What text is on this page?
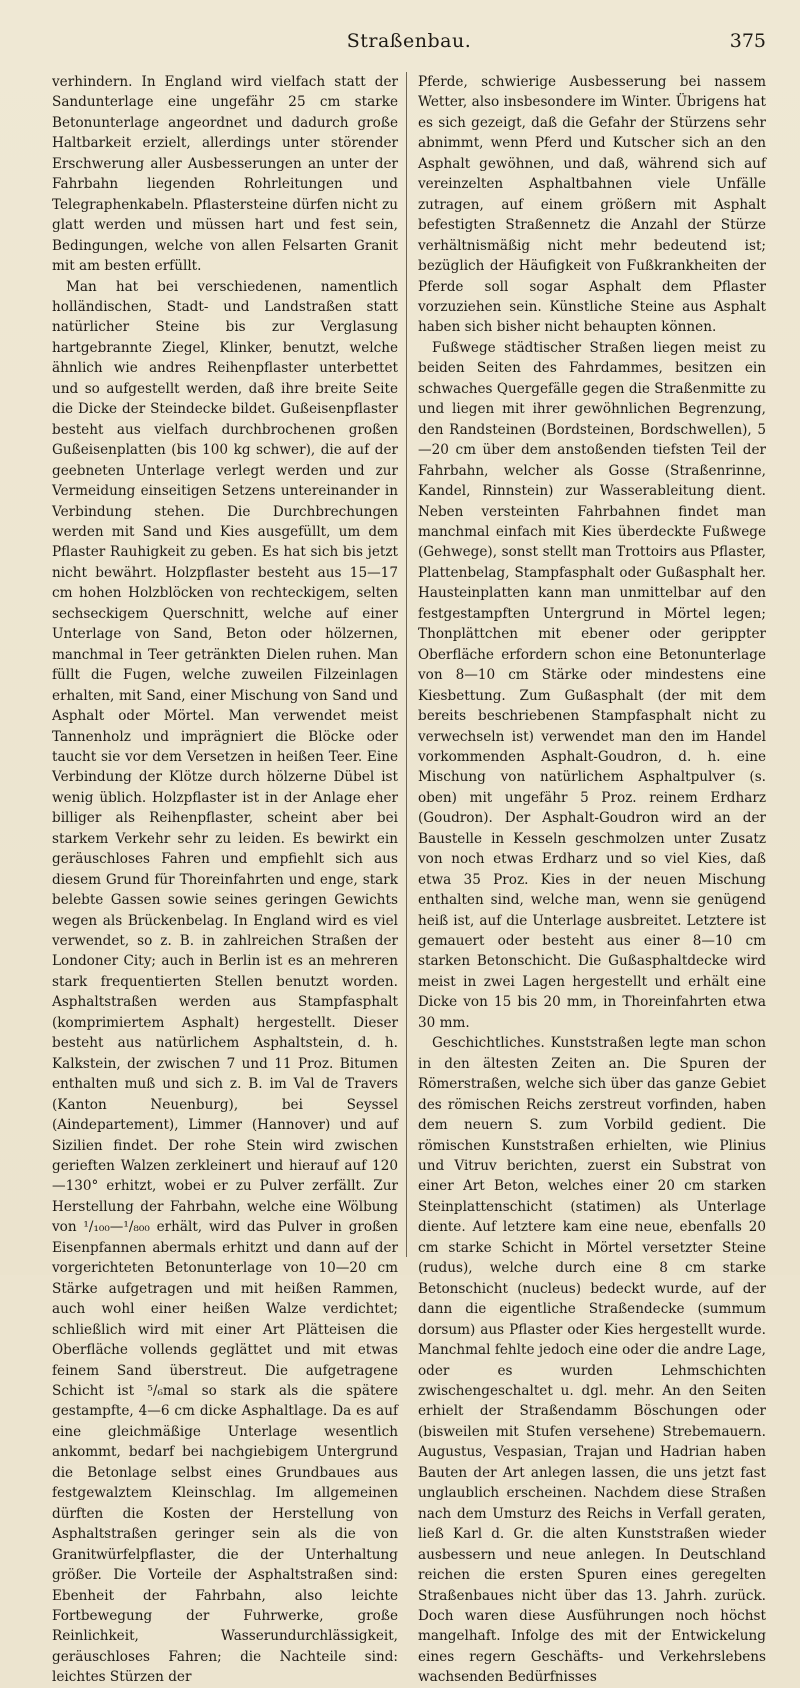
Straßenbau.	375

verhindern. In England wird vielfach statt der Sandunterlage eine ungefähr 25 cm starke Betonunterlage angeordnet und dadurch große Haltbarkeit erzielt, allerdings unter störender Erschwerung aller Ausbesserungen an unter der Fahrbahn liegenden Rohrleitungen und Telegraphenkabeln. Pflastersteine dürfen nicht zu glatt werden und müssen hart und fest sein, Bedingungen, welche von allen Felsarten Granit mit am besten erfüllt.

Man hat bei verschiedenen, namentlich holländischen, Stadt- und Landstraßen statt natürlicher Steine bis zur Verglasung hartgebrannte Ziegel, Klinker, benutzt, welche ähnlich wie andres Reihenpflaster unterbettet und so aufgestellt werden, daß ihre breite Seite die Dicke der Steindecke bildet. Gußeisenpflaster besteht aus vielfach durchbrochenen großen Gußeisenplatten (bis 100 kg schwer), die auf der geebneten Unterlage verlegt werden und zur Vermeidung einseitigen Setzens untereinander in Verbindung stehen. Die Durchbrechungen werden mit Sand und Kies ausgefüllt, um dem Pflaster Rauhigkeit zu geben. Es hat sich bis jetzt nicht bewährt. Holzpflaster besteht aus 15—17 cm hohen Holzblöcken von rechteckigem, selten sechseckigem Querschnitt, welche auf einer Unterlage von Sand, Beton oder hölzernen, manchmal in Teer getränkten Dielen ruhen. Man füllt die Fugen, welche zuweilen Filzeinlagen erhalten, mit Sand, einer Mischung von Sand und Asphalt oder Mörtel. Man verwendet meist Tannenholz und imprägniert die Blöcke oder taucht sie vor dem Versetzen in heißen Teer. Eine Verbindung der Klötze durch hölzerne Dübel ist wenig üblich. Holzpflaster ist in der Anlage eher billiger als Reihenpflaster, scheint aber bei starkem Verkehr sehr zu leiden. Es bewirkt ein geräuschloses Fahren und empfiehlt sich aus diesem Grund für Thoreinfahrten und enge, stark belebte Gassen sowie seines geringen Gewichts wegen als Brückenbelag. In England wird es viel verwendet, so z. B. in zahlreichen Straßen der Londoner City; auch in Berlin ist es an mehreren stark frequentierten Stellen benutzt worden. Asphaltstraßen werden aus Stampfasphalt (komprimiertem Asphalt) hergestellt. Dieser besteht aus natürlichem Asphaltstein, d. h. Kalkstein, der zwischen 7 und 11 Proz. Bitumen enthalten muß und sich z. B. im Val de Travers (Kanton Neuenburg), bei Seyssel (Aindepartement), Limmer (Hannover) und auf Sizilien findet. Der rohe Stein wird zwischen gerieften Walzen zerkleinert und hierauf auf 120—130° erhitzt, wobei er zu Pulver zerfällt. Zur Herstellung der Fahrbahn, welche eine Wölbung von ¹/₁₀₀—¹/₈₀₀ erhält, wird das Pulver in großen Eisenpfannen abermals erhitzt und dann auf der vorgerichteten Betonunterlage von 10—20 cm Stärke aufgetragen und mit heißen Rammen, auch wohl einer heißen Walze verdichtet; schließlich wird mit einer Art Plätteisen die Oberfläche vollends geglättet und mit etwas feinem Sand überstreut. Die aufgetragene Schicht ist ⁵/₆mal so stark als die spätere gestampfte, 4—6 cm dicke Asphaltlage. Da es auf eine gleichmäßige Unterlage wesentlich ankommt, bedarf bei nachgiebigem Untergrund die Betonlage selbst eines Grundbaues aus festgewalztem Kleinschlag. Im allgemeinen dürften die Kosten der Herstellung von Asphaltstraßen geringer sein als die von Granitwürfelpflaster, die der Unterhaltung größer. Die Vorteile der Asphaltstraßen sind: Ebenheit der Fahrbahn, also leichte Fortbewegung der Fuhrwerke, große Reinlichkeit, Wasserundurchlässigkeit, geräuschloses Fahren; die Nachteile sind: leichtes Stürzen der

Pferde, schwierige Ausbesserung bei nassem Wetter, also insbesondere im Winter. Übrigens hat es sich gezeigt, daß die Gefahr der Stürzens sehr abnimmt, wenn Pferd und Kutscher sich an den Asphalt gewöhnen, und daß, während sich auf vereinzelten Asphaltbahnen viele Unfälle zutragen, auf einem größern mit Asphalt befestigten Straßennetz die Anzahl der Stürze verhältnismäßig nicht mehr bedeutend ist; bezüglich der Häufigkeit von Fußkrankheiten der Pferde soll sogar Asphalt dem Pflaster vorzuziehen sein. Künstliche Steine aus Asphalt haben sich bisher nicht behaupten können.

Fußwege städtischer Straßen liegen meist zu beiden Seiten des Fahrdammes, besitzen ein schwaches Quergefälle gegen die Straßenmitte zu und liegen mit ihrer gewöhnlichen Begrenzung, den Randsteinen (Bordsteinen, Bordschwellen), 5—20 cm über dem anstoßenden tiefsten Teil der Fahrbahn, welcher als Gosse (Straßenrinne, Kandel, Rinnstein) zur Wasserableitung dient. Neben versteinten Fahrbahnen findet man manchmal einfach mit Kies überdeckte Fußwege (Gehwege), sonst stellt man Trottoirs aus Pflaster, Plattenbelag, Stampfasphalt oder Gußasphalt her. Hausteinplatten kann man unmittelbar auf den festgestampften Untergrund in Mörtel legen; Thonplättchen mit ebener oder gerippter Oberfläche erfordern schon eine Betonunterlage von 8—10 cm Stärke oder mindestens eine Kiesbettung. Zum Gußasphalt (der mit dem bereits beschriebenen Stampfasphalt nicht zu verwechseln ist) verwendet man den im Handel vorkommenden Asphalt-Goudron, d. h. eine Mischung von natürlichem Asphaltpulver (s. oben) mit ungefähr 5 Proz. reinem Erdharz (Goudron). Der Asphalt-Goudron wird an der Baustelle in Kesseln geschmolzen unter Zusatz von noch etwas Erdharz und so viel Kies, daß etwa 35 Proz. Kies in der neuen Mischung enthalten sind, welche man, wenn sie genügend heiß ist, auf die Unterlage ausbreitet. Letztere ist gemauert oder besteht aus einer 8—10 cm starken Betonschicht. Die Gußasphaltdecke wird meist in zwei Lagen hergestellt und erhält eine Dicke von 15 bis 20 mm, in Thoreinfahrten etwa 30 mm.

Geschichtliches. Kunststraßen legte man schon in den ältesten Zeiten an. Die Spuren der Römerstraßen, welche sich über das ganze Gebiet des römischen Reichs zerstreut vorfinden, haben dem neuern S. zum Vorbild gedient. Die römischen Kunststraßen erhielten, wie Plinius und Vitruv berichten, zuerst ein Substrat von einer Art Beton, welches einer 20 cm starken Steinplattenschicht (statimen) als Unterlage diente. Auf letztere kam eine neue, ebenfalls 20 cm starke Schicht in Mörtel versetzter Steine (rudus), welche durch eine 8 cm starke Betonschicht (nucleus) bedeckt wurde, auf der dann die eigentliche Straßendecke (summum dorsum) aus Pflaster oder Kies hergestellt wurde. Manchmal fehlte jedoch eine oder die andre Lage, oder es wurden Lehmschichten zwischengeschaltet u. dgl. mehr. An den Seiten erhielt der Straßendamm Böschungen oder (bisweilen mit Stufen versehene) Strebemauern. Augustus, Vespasian, Trajan und Hadrian haben Bauten der Art anlegen lassen, die uns jetzt fast unglaublich erscheinen. Nachdem diese Straßen nach dem Umsturz des Reichs in Verfall geraten, ließ Karl d. Gr. die alten Kunststraßen wieder ausbessern und neue anlegen. In Deutschland reichen die ersten Spuren eines geregelten Straßenbaues nicht über das 13. Jahrh. zurück. Doch waren diese Ausführungen noch höchst mangelhaft. Infolge des mit der Entwickelung eines regern Geschäfts- und Verkehrslebens wachsenden Bedürfnisses
